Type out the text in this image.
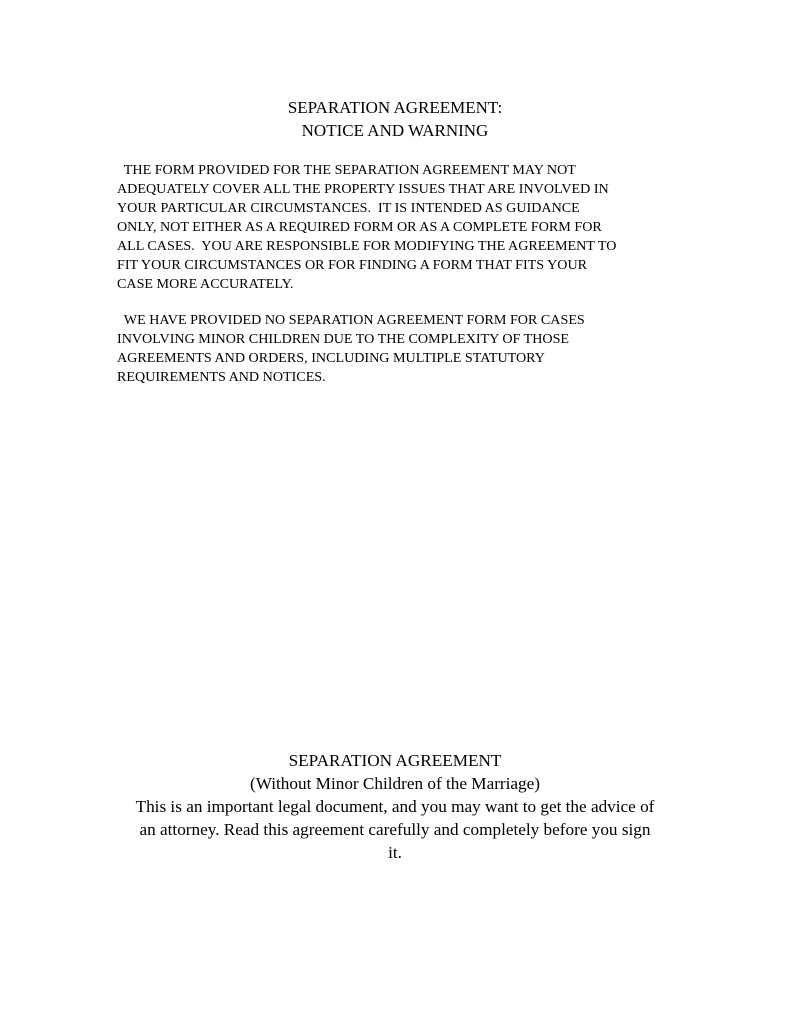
SEPARATION AGREEMENT:
NOTICE AND WARNING
THE FORM PROVIDED FOR THE SEPARATION AGREEMENT MAY NOT
ADEQUATELY COVER ALL THE PROPERTY ISSUES THAT ARE INVOLVED IN
YOUR PARTICULAR CIRCUMSTANCES.  IT IS INTENDED AS GUIDANCE
ONLY, NOT EITHER AS A REQUIRED FORM OR AS A COMPLETE FORM FOR
ALL CASES.  YOU ARE RESPONSIBLE FOR MODIFYING THE AGREEMENT TO
FIT YOUR CIRCUMSTANCES OR FOR FINDING A FORM THAT FITS YOUR
CASE MORE ACCURATELY.
WE HAVE PROVIDED NO SEPARATION AGREEMENT FORM FOR CASES
INVOLVING MINOR CHILDREN DUE TO THE COMPLEXITY OF THOSE
AGREEMENTS AND ORDERS, INCLUDING MULTIPLE STATUTORY
REQUIREMENTS AND NOTICES.
SEPARATION AGREEMENT
(Without Minor Children of the Marriage)
This is an important legal document, and you may want to get the advice of
an attorney. Read this agreement carefully and completely before you sign
it.
